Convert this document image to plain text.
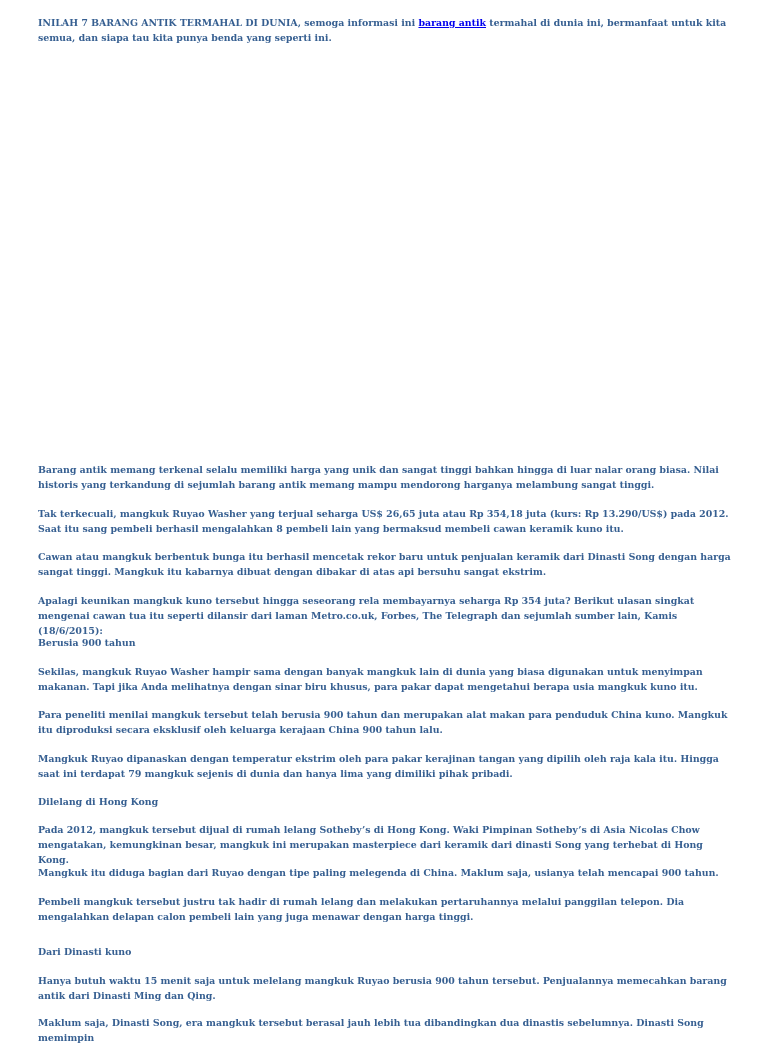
INILAH 7 BARANG ANTIK TERMAHAL DI DUNIA, semoga informasi ini barang antik termahal di dunia ini, bermanfaat untuk kita semua, dan siapa tau kita punya benda yang seperti ini.

Barang antik memang terkenal selalu memiliki harga yang unik dan sangat tinggi bahkan hingga di luar nalar orang biasa. Nilai historis yang terkandung di sejumlah barang antik memang mampu mendorong harganya melambung sangat tinggi.

Tak terkecuali, mangkuk Ruyao Washer yang terjual seharga US$ 26,65 juta atau Rp 354,18 juta (kurs: Rp 13.290/US$) pada 2012. Saat itu sang pembeli berhasil mengalahkan 8 pembeli lain yang bermaksud membeli cawan keramik kuno itu.

Cawan atau mangkuk berbentuk bunga itu berhasil mencetak rekor baru untuk penjualan keramik dari Dinasti Song dengan harga sangat tinggi. Mangkuk itu kabarnya dibuat dengan dibakar di atas api bersuhu sangat ekstrim.

Apalagi keunikan mangkuk kuno tersebut hingga seseorang rela membayarnya seharga Rp 354 juta? Berikut ulasan singkat mengenai cawan tua itu seperti dilansir dari laman Metro.co.uk, Forbes, The Telegraph dan sejumlah sumber lain, Kamis (18/6/2015):

Berusia 900 tahun

Sekilas, mangkuk Ruyao Washer hampir sama dengan banyak mangkuk lain di dunia yang biasa digunakan untuk menyimpan makanan. Tapi jika Anda melihatnya dengan sinar biru khusus, para pakar dapat mengetahui berapa usia mangkuk kuno itu.

Para peneliti menilai mangkuk tersebut telah berusia 900 tahun dan merupakan alat makan para penduduk China kuno. Mangkuk itu diproduksi secara eksklusif oleh keluarga kerajaan China 900 tahun lalu.

Mangkuk Ruyao dipanaskan dengan temperatur ekstrim oleh para pakar kerajinan tangan yang dipilih oleh raja kala itu. Hingga saat ini terdapat 79 mangkuk sejenis di dunia dan hanya lima yang dimiliki pihak pribadi.

Dilelang di Hong Kong

Pada 2012, mangkuk tersebut dijual di rumah lelang Sotheby’s di Hong Kong. Waki Pimpinan Sotheby’s di Asia Nicolas Chow mengatakan, kemungkinan besar, mangkuk ini merupakan masterpiece dari keramik dari dinasti Song yang terhebat di Hong Kong.

Mangkuk itu diduga bagian dari Ruyao dengan tipe paling melegenda di China. Maklum saja, usianya telah mencapai 900 tahun.

Pembeli mangkuk tersebut justru tak hadir di rumah lelang dan melakukan pertaruhannya melalui panggilan telepon. Dia mengalahkan delapan calon pembeli lain yang juga menawar dengan harga tinggi.

Dari Dinasti kuno

Hanya butuh waktu 15 menit saja untuk melelang mangkuk Ruyao berusia 900 tahun tersebut. Penjualannya memecahkan barang antik dari Dinasti Ming dan Qing.

Maklum saja, Dinasti Song, era mangkuk tersebut berasal jauh lebih tua dibandingkan dua dinastis sebelumnya. Dinasti Song memimpin
